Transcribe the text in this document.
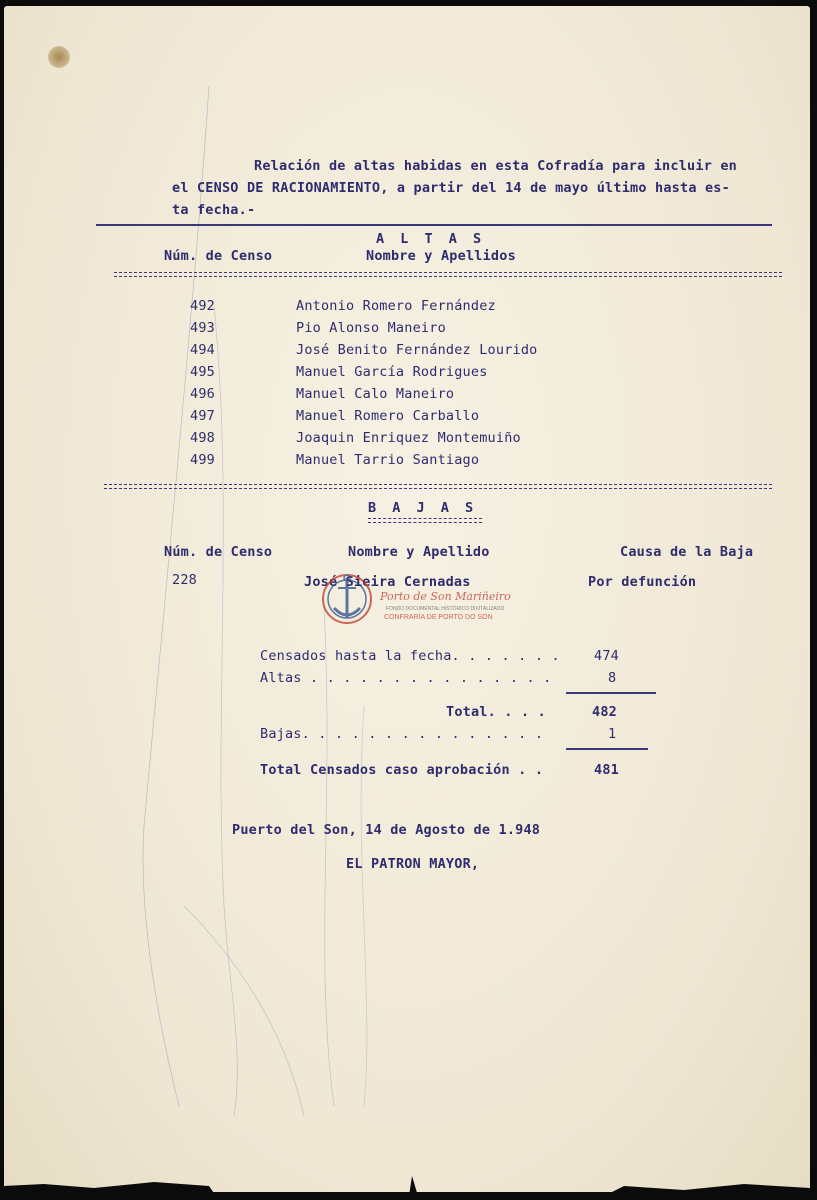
Relación de altas habidas en esta Cofradía para incluir en
el CENSO DE RACIONAMIENTO, a partir del 14 de mayo último hasta es-
ta fecha.-
A L T A S
Núm. de Censo	Nombre y Apellidos
492	Antonio Romero Fernández
493	Pio Alonso Maneiro
494	José Benito Fernández Lourido
495	Manuel García Rodrigues
496	Manuel Calo Maneiro
497	Manuel Romero Carballo
498	Joaquin Enriquez Montemuiño
499	Manuel Tarrio Santiago
B A J A S
Núm. de Censo	Nombre y Apellido	Causa de la Baja
228	José Sieira Cernadas	Por defunción
Porto de Son Mariñeiro
FONDO DOCUMENTAL HISTÓRICO DIXITALIZADO
CONFRARÍA DE PORTO DO SON
Censados hasta la fecha. . . . . . .	474
Altas . . . . . . . . . . . . . . .	8
Total. . . .	482
Bajas. . . . . . . . . . . . . . .	1
Total Censados caso aprobación . .	481
Puerto del Son, 14 de Agosto de 1.948
EL PATRON MAYOR,
